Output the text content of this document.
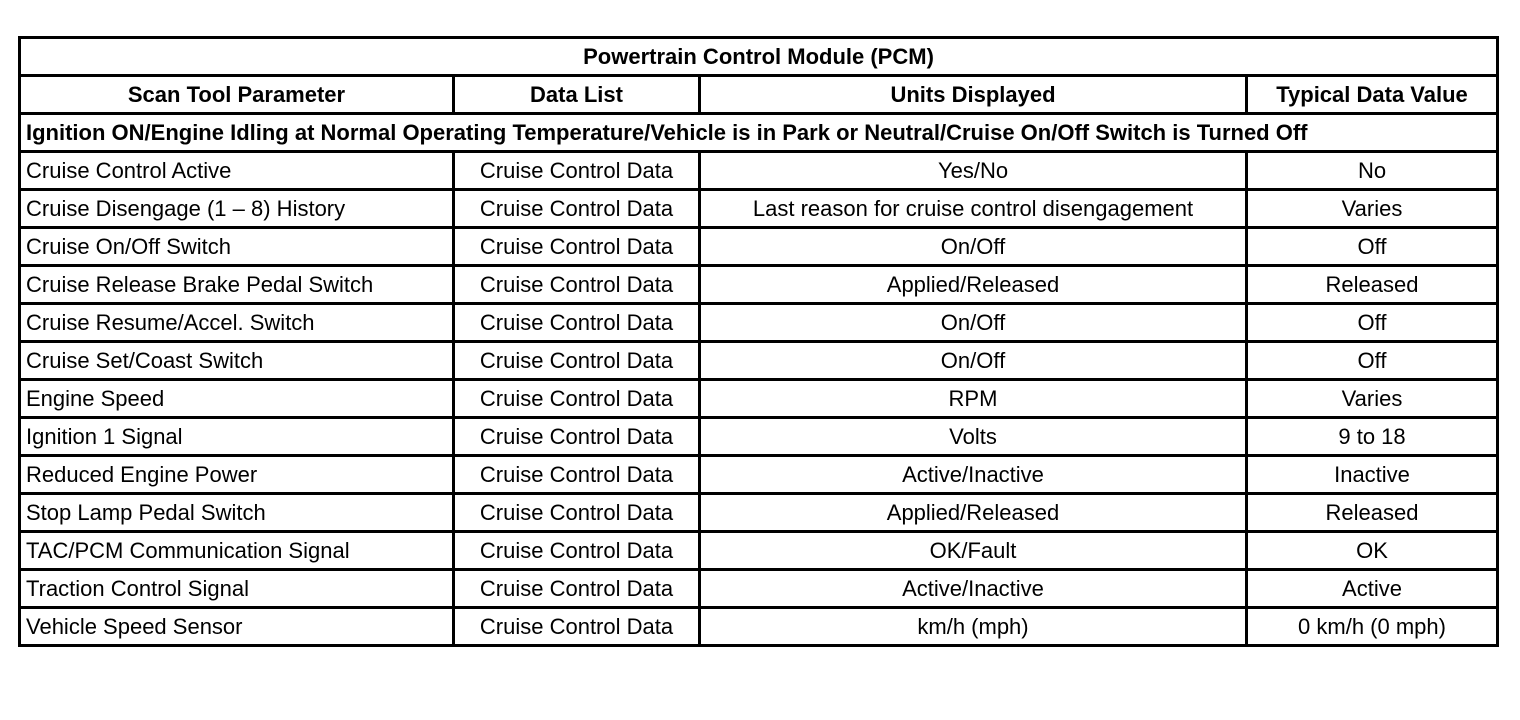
Powertrain Control Module (PCM)			
Scan Tool Parameter	Data List	Units Displayed	Typical Data Value
Ignition ON/Engine Idling at Normal Operating Temperature/Vehicle is in Park or Neutral/Cruise On/Off Switch is Turned Off			
Cruise Control Active	Cruise Control Data	Yes/No	No
Cruise Disengage (1 – 8) History	Cruise Control Data	Last reason for cruise control disengagement	Varies
Cruise On/Off Switch	Cruise Control Data	On/Off	Off
Cruise Release Brake Pedal Switch	Cruise Control Data	Applied/Released	Released
Cruise Resume/Accel. Switch	Cruise Control Data	On/Off	Off
Cruise Set/Coast Switch	Cruise Control Data	On/Off	Off
Engine Speed	Cruise Control Data	RPM	Varies
Ignition 1 Signal	Cruise Control Data	Volts	9 to 18
Reduced Engine Power	Cruise Control Data	Active/Inactive	Inactive
Stop Lamp Pedal Switch	Cruise Control Data	Applied/Released	Released
TAC/PCM Communication Signal	Cruise Control Data	OK/Fault	OK
Traction Control Signal	Cruise Control Data	Active/Inactive	Active
Vehicle Speed Sensor	Cruise Control Data	km/h (mph)	0 km/h (0 mph)
